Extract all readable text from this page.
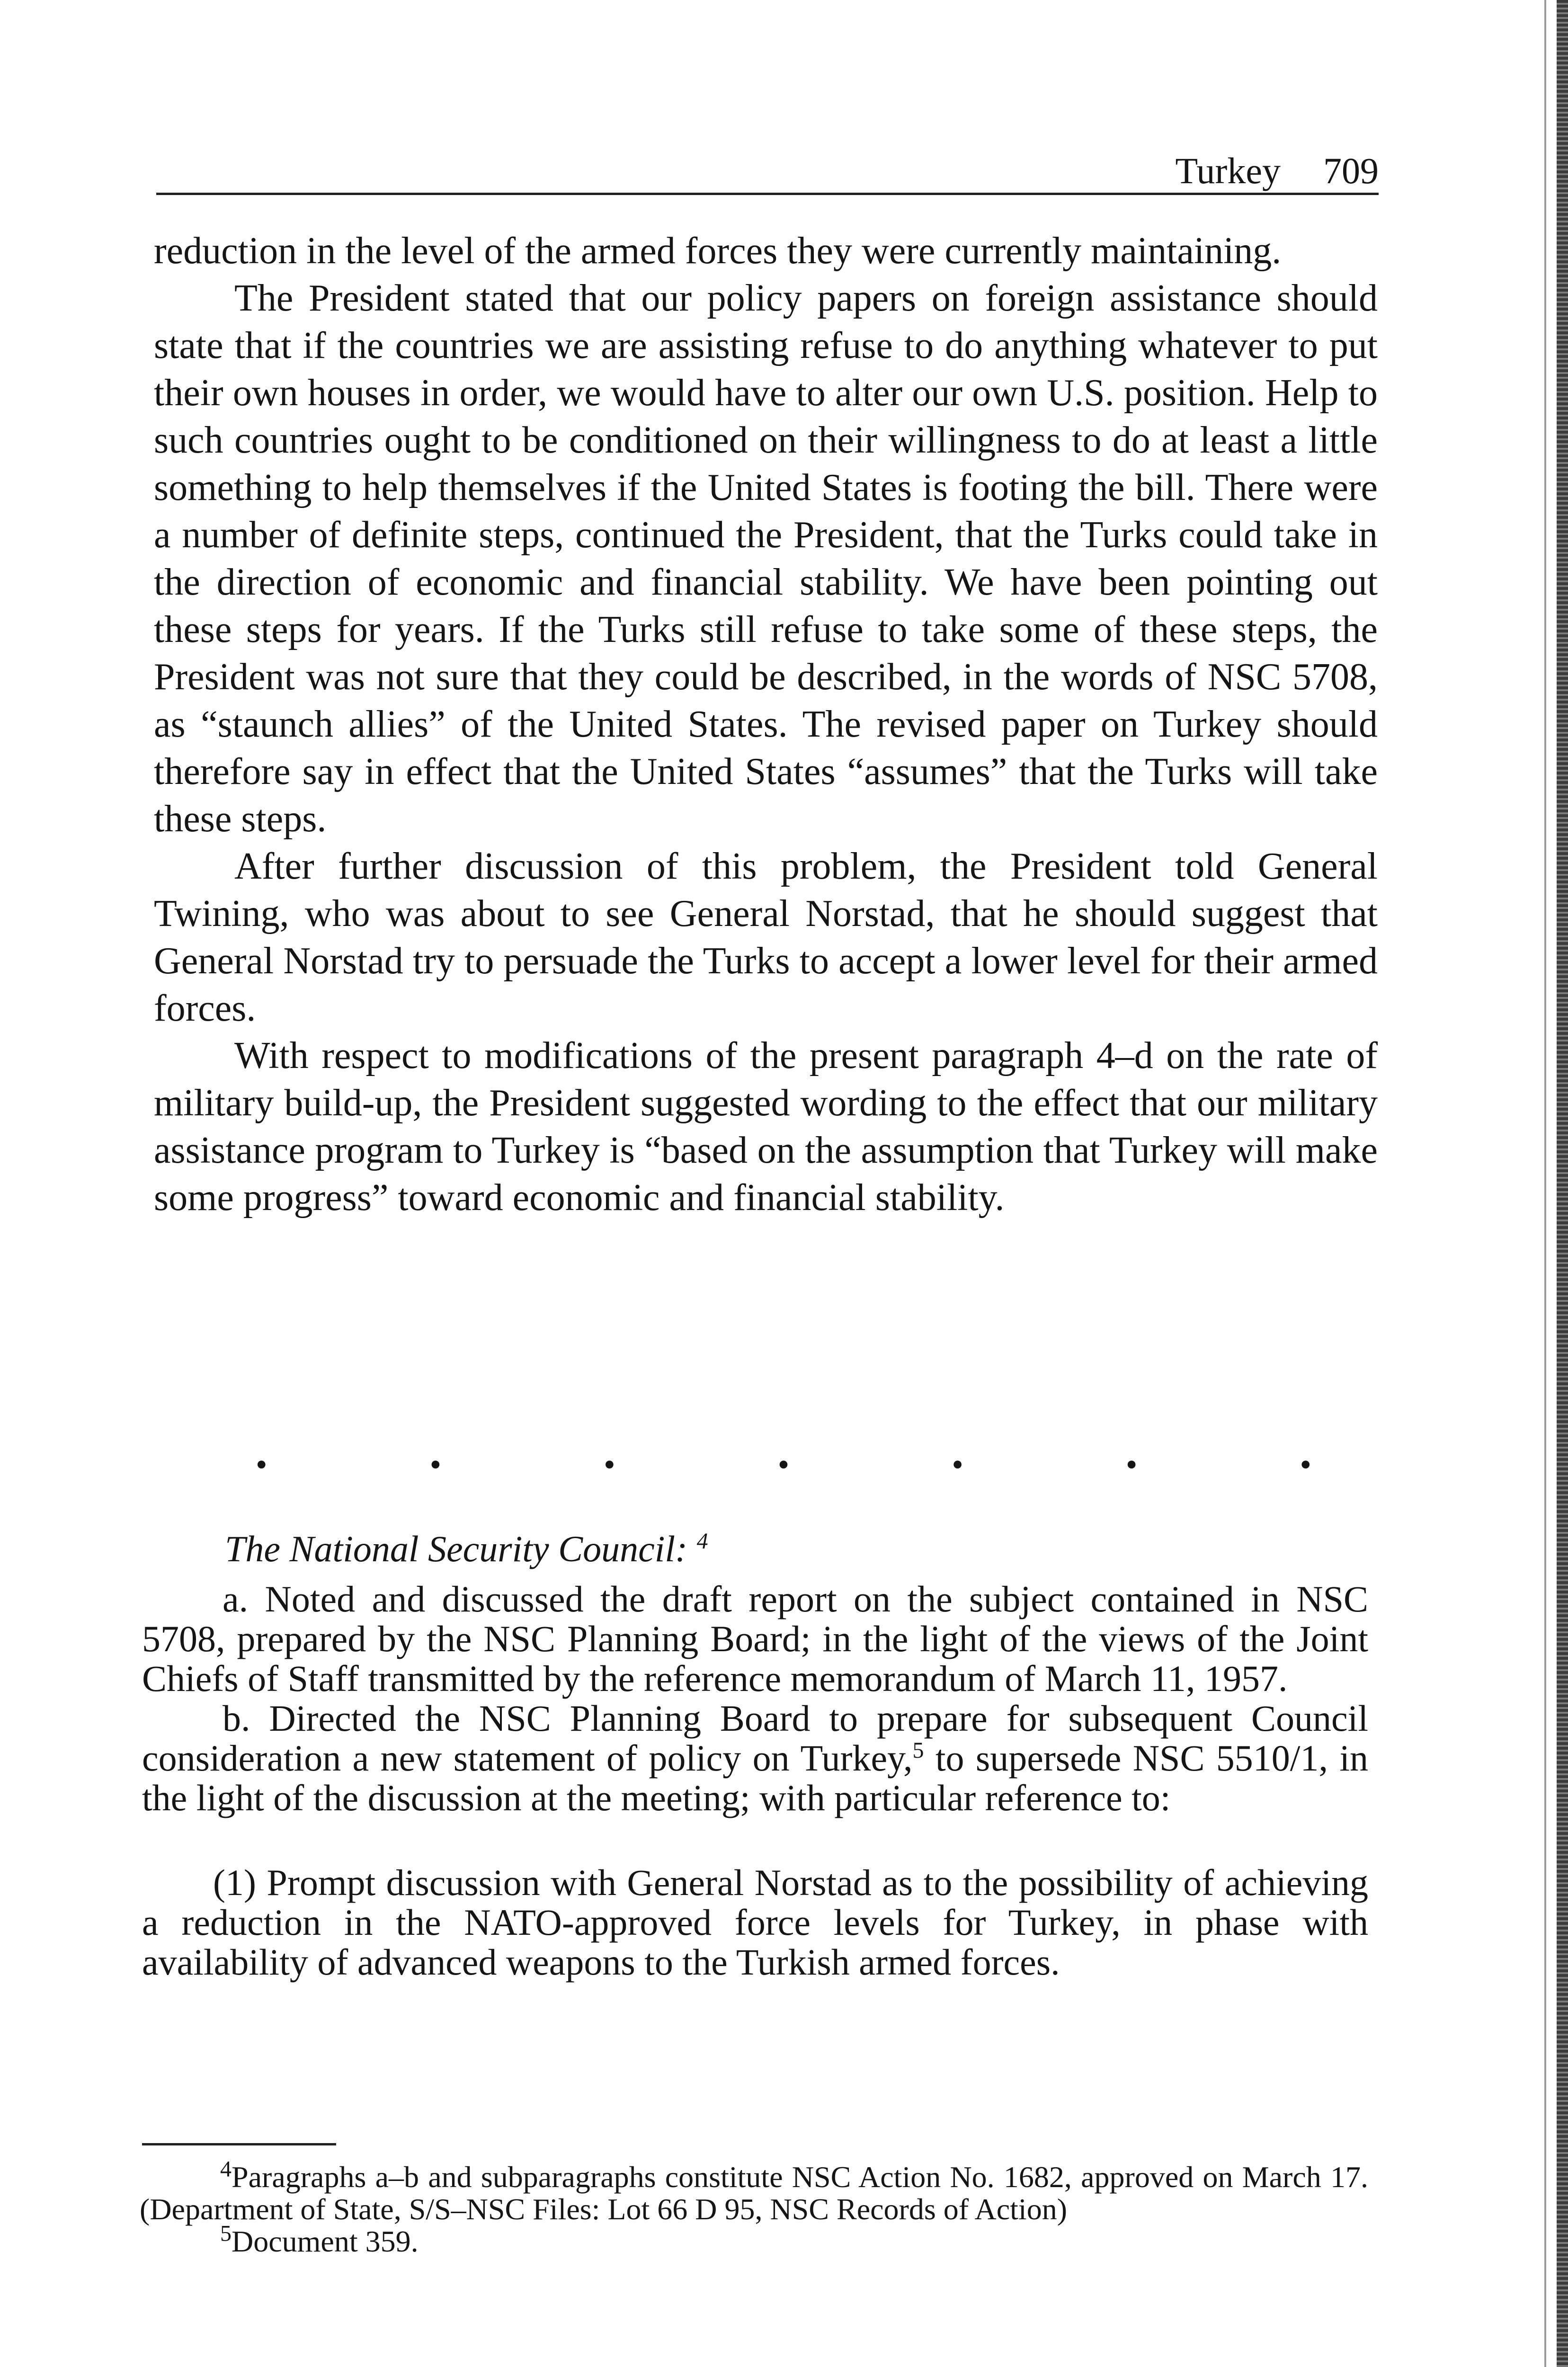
Turkey 709

reduction in the level of the armed forces they were currently maintaining.

The President stated that our policy papers on foreign assistance should state that if the countries we are assisting refuse to do anything whatever to put their own houses in order, we would have to alter our own U.S. position. Help to such countries ought to be conditioned on their willingness to do at least a little something to help themselves if the United States is footing the bill. There were a number of definite steps, continued the President, that the Turks could take in the direction of economic and financial stability. We have been pointing out these steps for years. If the Turks still refuse to take some of these steps, the President was not sure that they could be described, in the words of NSC 5708, as “staunch allies” of the United States. The revised paper on Turkey should therefore say in effect that the United States “assumes” that the Turks will take these steps.

After further discussion of this problem, the President told General Twining, who was about to see General Norstad, that he should suggest that General Norstad try to persuade the Turks to accept a lower level for their armed forces.

With respect to modifications of the present paragraph 4–d on the rate of military build-up, the President suggested wording to the effect that our military assistance program to Turkey is “based on the assumption that Turkey will make some progress” toward economic and financial stability.

•	•	•	•	•	•	•

The National Security Council: $^4$

a. Noted and discussed the draft report on the subject contained in NSC 5708, prepared by the NSC Planning Board; in the light of the views of the Joint Chiefs of Staff transmitted by the reference memorandum of March 11, 1957.

b. Directed the NSC Planning Board to prepare for subsequent Council consideration a new statement of policy on Turkey,$^5$ to supersede NSC 5510/1, in the light of the discussion at the meeting; with particular reference to:

(1) Prompt discussion with General Norstad as to the possibility of achieving a reduction in the NATO-approved force levels for Turkey, in phase with availability of advanced weapons to the Turkish armed forces.

$^4$Paragraphs a–b and subparagraphs constitute NSC Action No. 1682, approved on March 17. (Department of State, S/S–NSC Files: Lot 66 D 95, NSC Records of Action)

$^5$Document 359.
